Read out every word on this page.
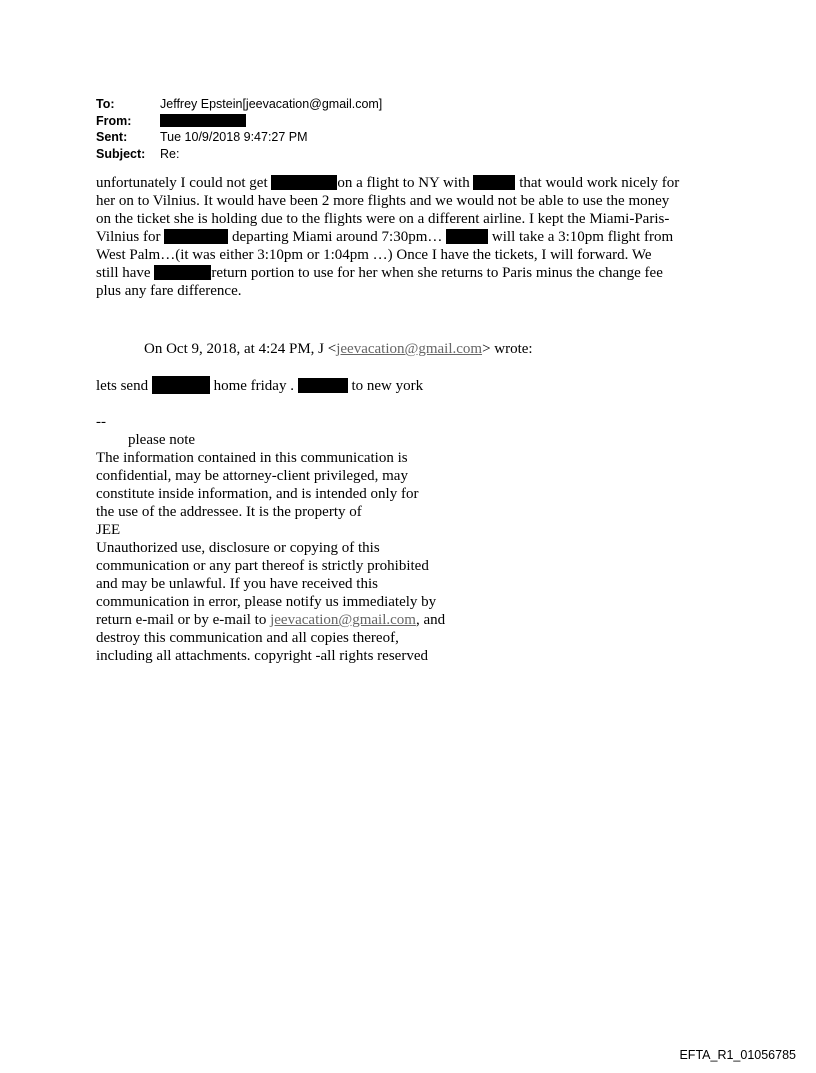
To:	Jeffrey Epstein[jeevacation@gmail.com]
From:
Sent:	Tue 10/9/2018 9:47:27 PM
Subject:	Re:

unfortunately I could not get	on a flight to NY with	that would work nicely for

her on to Vilnius. It would have been 2 more flights and we would not be able to use the money

on the ticket she is holding due to the flights were on a different airline. I kept the Miami-Paris-

Vilnius for	departing Miami around 7:30pm…	will take a 3:10pm flight from

West Palm…(it was either 3:10pm or 1:04pm …) Once I have the tickets, I will forward. We

still have	return portion to use for her when she returns to Paris minus the change fee

plus any fare difference.

On Oct 9, 2018, at 4:24 PM, J <jeevacation@gmail.com> wrote:
lets send	home friday .	to new york
--
please note
The information contained in this communication is
confidential, may be attorney-client privileged, may
constitute inside information, and is intended only for
the use of the addressee. It is the property of
JEE
Unauthorized use, disclosure or copying of this
communication or any part thereof is strictly prohibited
and may be unlawful. If you have received this
communication in error, please notify us immediately by
return e-mail or by e-mail to jeevacation@gmail.com, and
destroy this communication and all copies thereof,
including all attachments. copyright -all rights reserved
EFTA_R1_01056785
